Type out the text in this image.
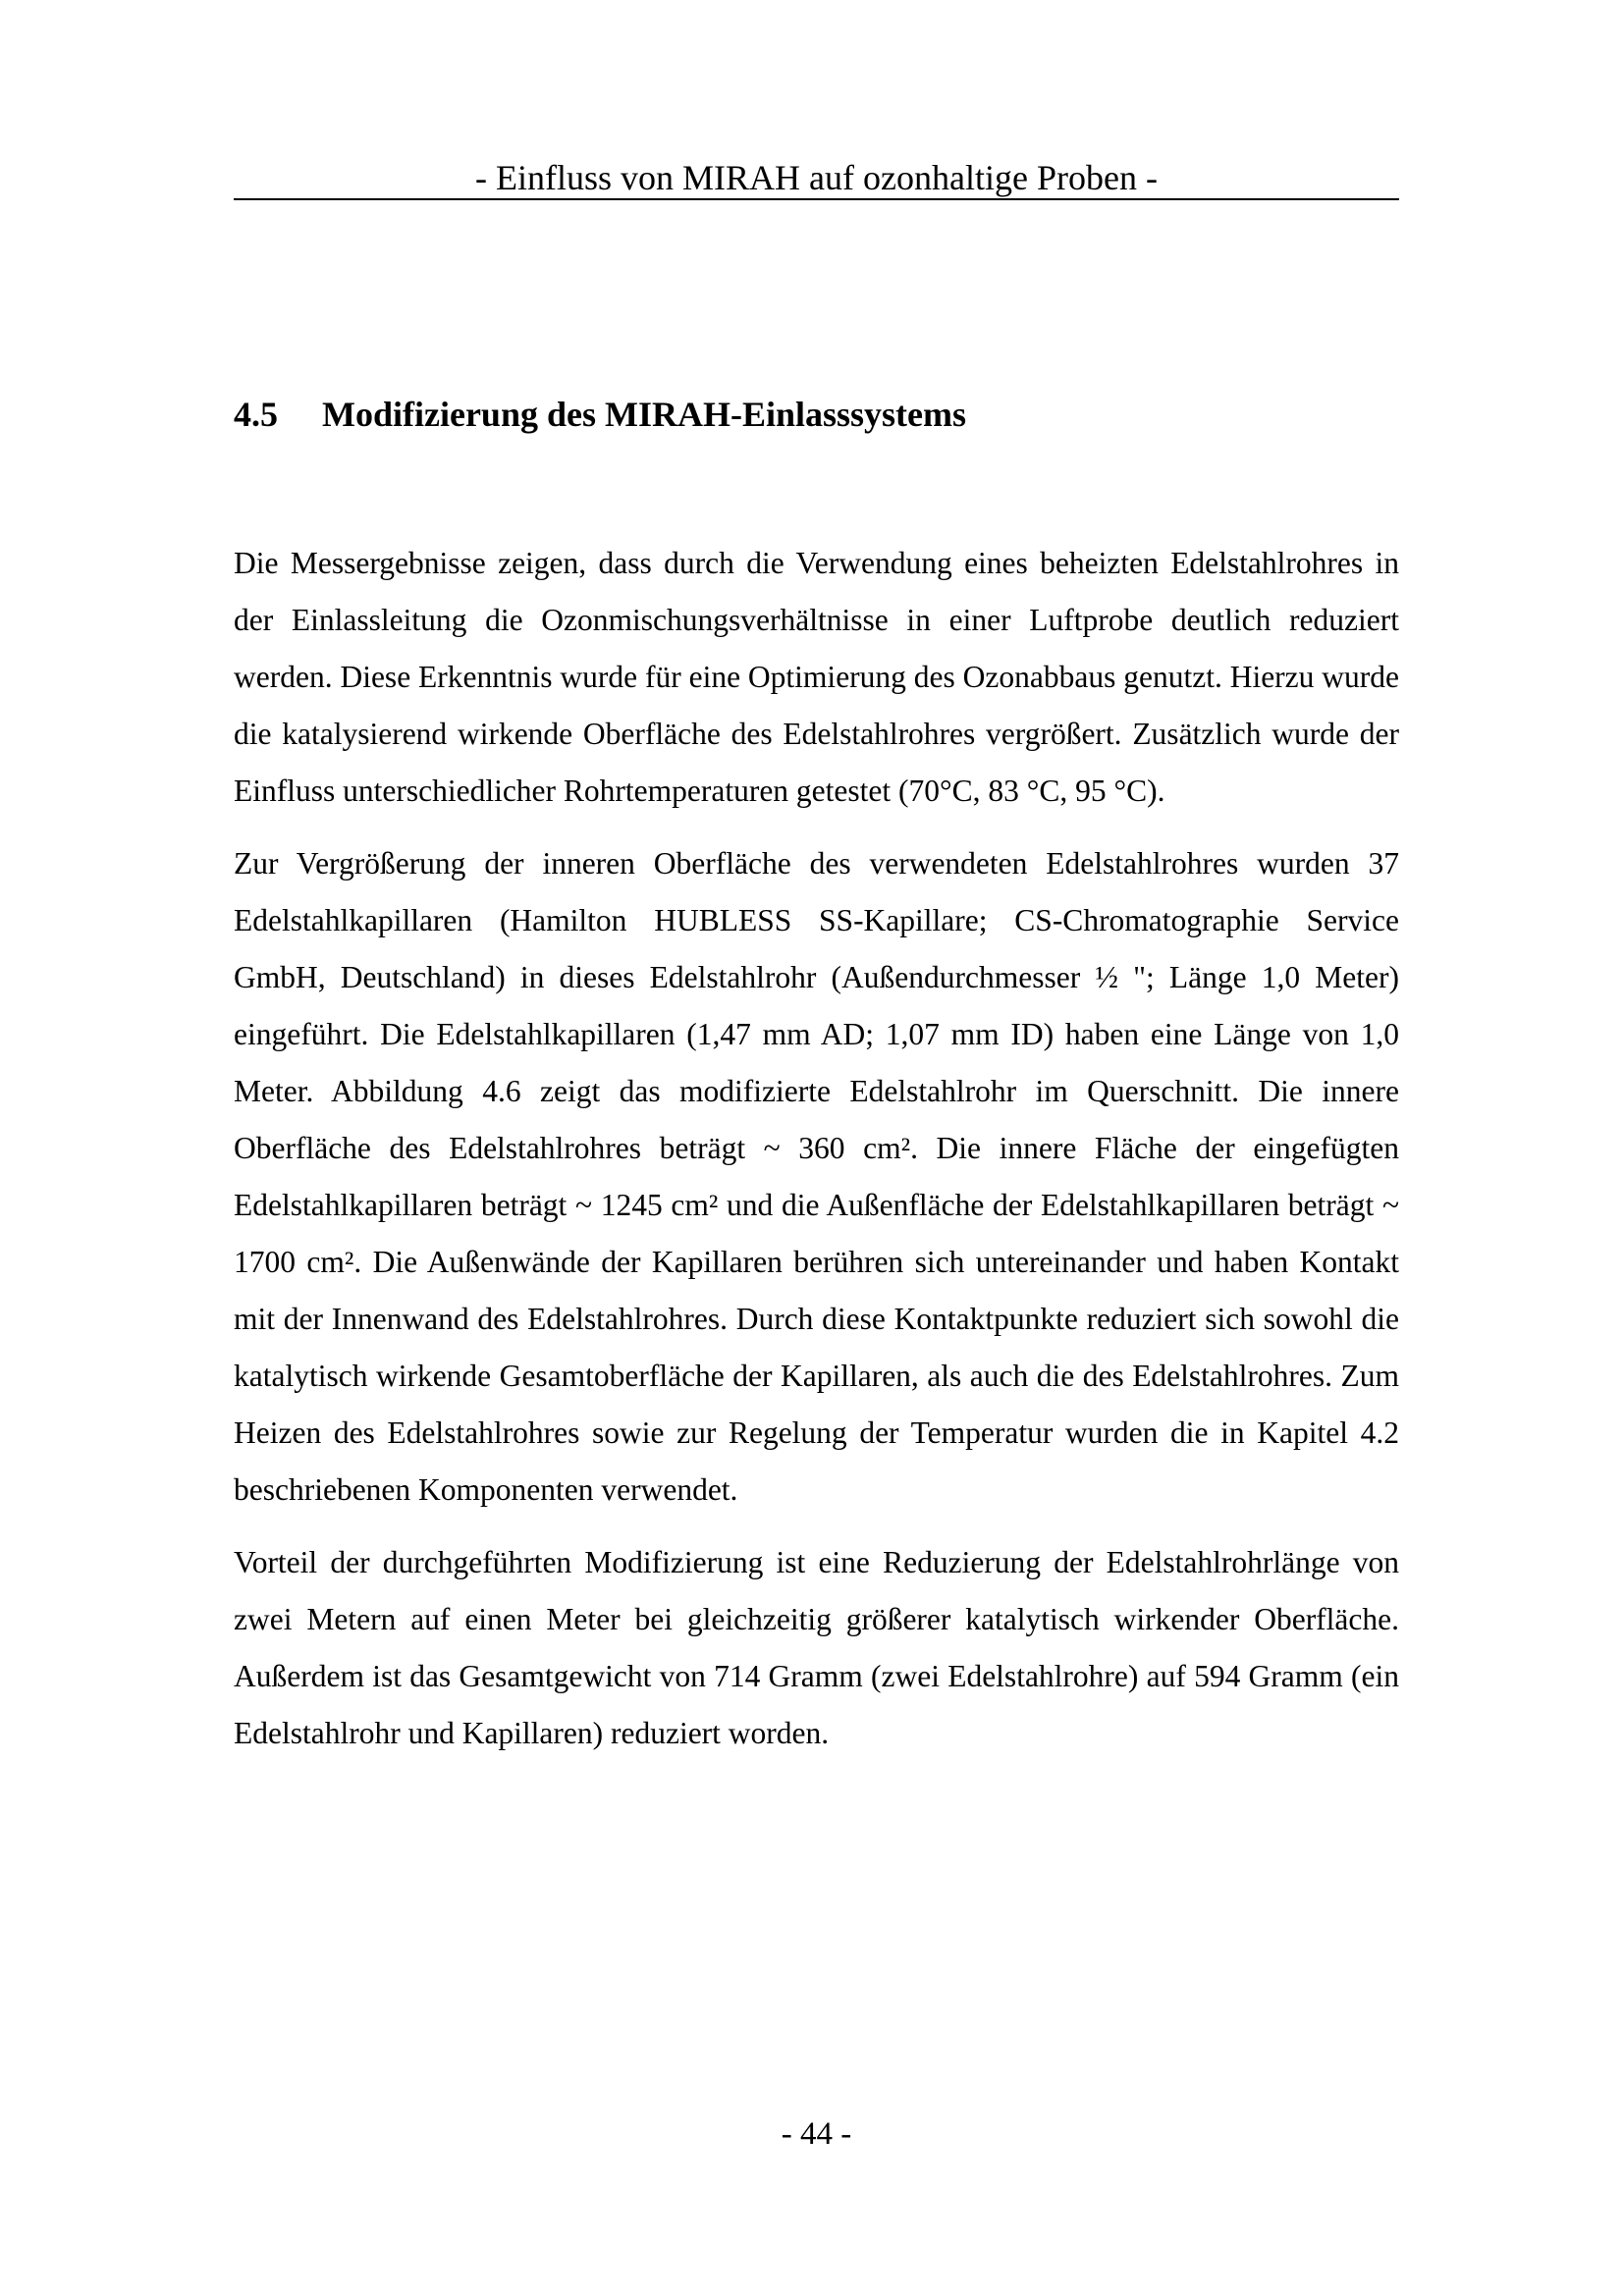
- Einfluss von MIRAH auf ozonhaltige Proben -
4.5 Modifizierung des MIRAH-Einlasssystems

Die Messergebnisse zeigen, dass durch die Verwendung eines beheizten Edelstahlrohres in der Einlassleitung die Ozonmischungsverhältnisse in einer Luftprobe deutlich reduziert werden. Diese Erkenntnis wurde für eine Optimierung des Ozonabbaus genutzt. Hierzu wurde die katalysierend wirkende Oberfläche des Edelstahlrohres vergrößert. Zusätzlich wurde der Einfluss unterschiedlicher Rohrtemperaturen getestet (70°C, 83 °C, 95 °C).

Zur Vergrößerung der inneren Oberfläche des verwendeten Edelstahlrohres wurden 37 Edelstahlkapillaren (Hamilton HUBLESS SS-Kapillare; CS-Chromatographie Service GmbH, Deutschland) in dieses Edelstahlrohr (Außendurchmesser ½ "; Länge 1,0 Meter) eingeführt. Die Edelstahlkapillaren (1,47 mm AD; 1,07 mm ID) haben eine Länge von 1,0 Meter. Abbildung 4.6 zeigt das modifizierte Edelstahlrohr im Querschnitt. Die innere Oberfläche des Edelstahlrohres beträgt ~ 360 cm². Die innere Fläche der eingefügten Edelstahlkapillaren beträgt ~ 1245 cm² und die Außenfläche der Edelstahlkapillaren beträgt ~ 1700 cm². Die Außenwände der Kapillaren berühren sich untereinander und haben Kontakt mit der Innenwand des Edelstahlrohres. Durch diese Kontaktpunkte reduziert sich sowohl die katalytisch wirkende Gesamtoberfläche der Kapillaren, als auch die des Edelstahlrohres. Zum Heizen des Edelstahlrohres sowie zur Regelung der Temperatur wurden die in Kapitel 4.2 beschriebenen Komponenten verwendet.

Vorteil der durchgeführten Modifizierung ist eine Reduzierung der Edelstahlrohrlänge von zwei Metern auf einen Meter bei gleichzeitig größerer katalytisch wirkender Oberfläche. Außerdem ist das Gesamtgewicht von 714 Gramm (zwei Edelstahlrohre) auf 594 Gramm (ein Edelstahlrohr und Kapillaren) reduziert worden.

- 44 -
